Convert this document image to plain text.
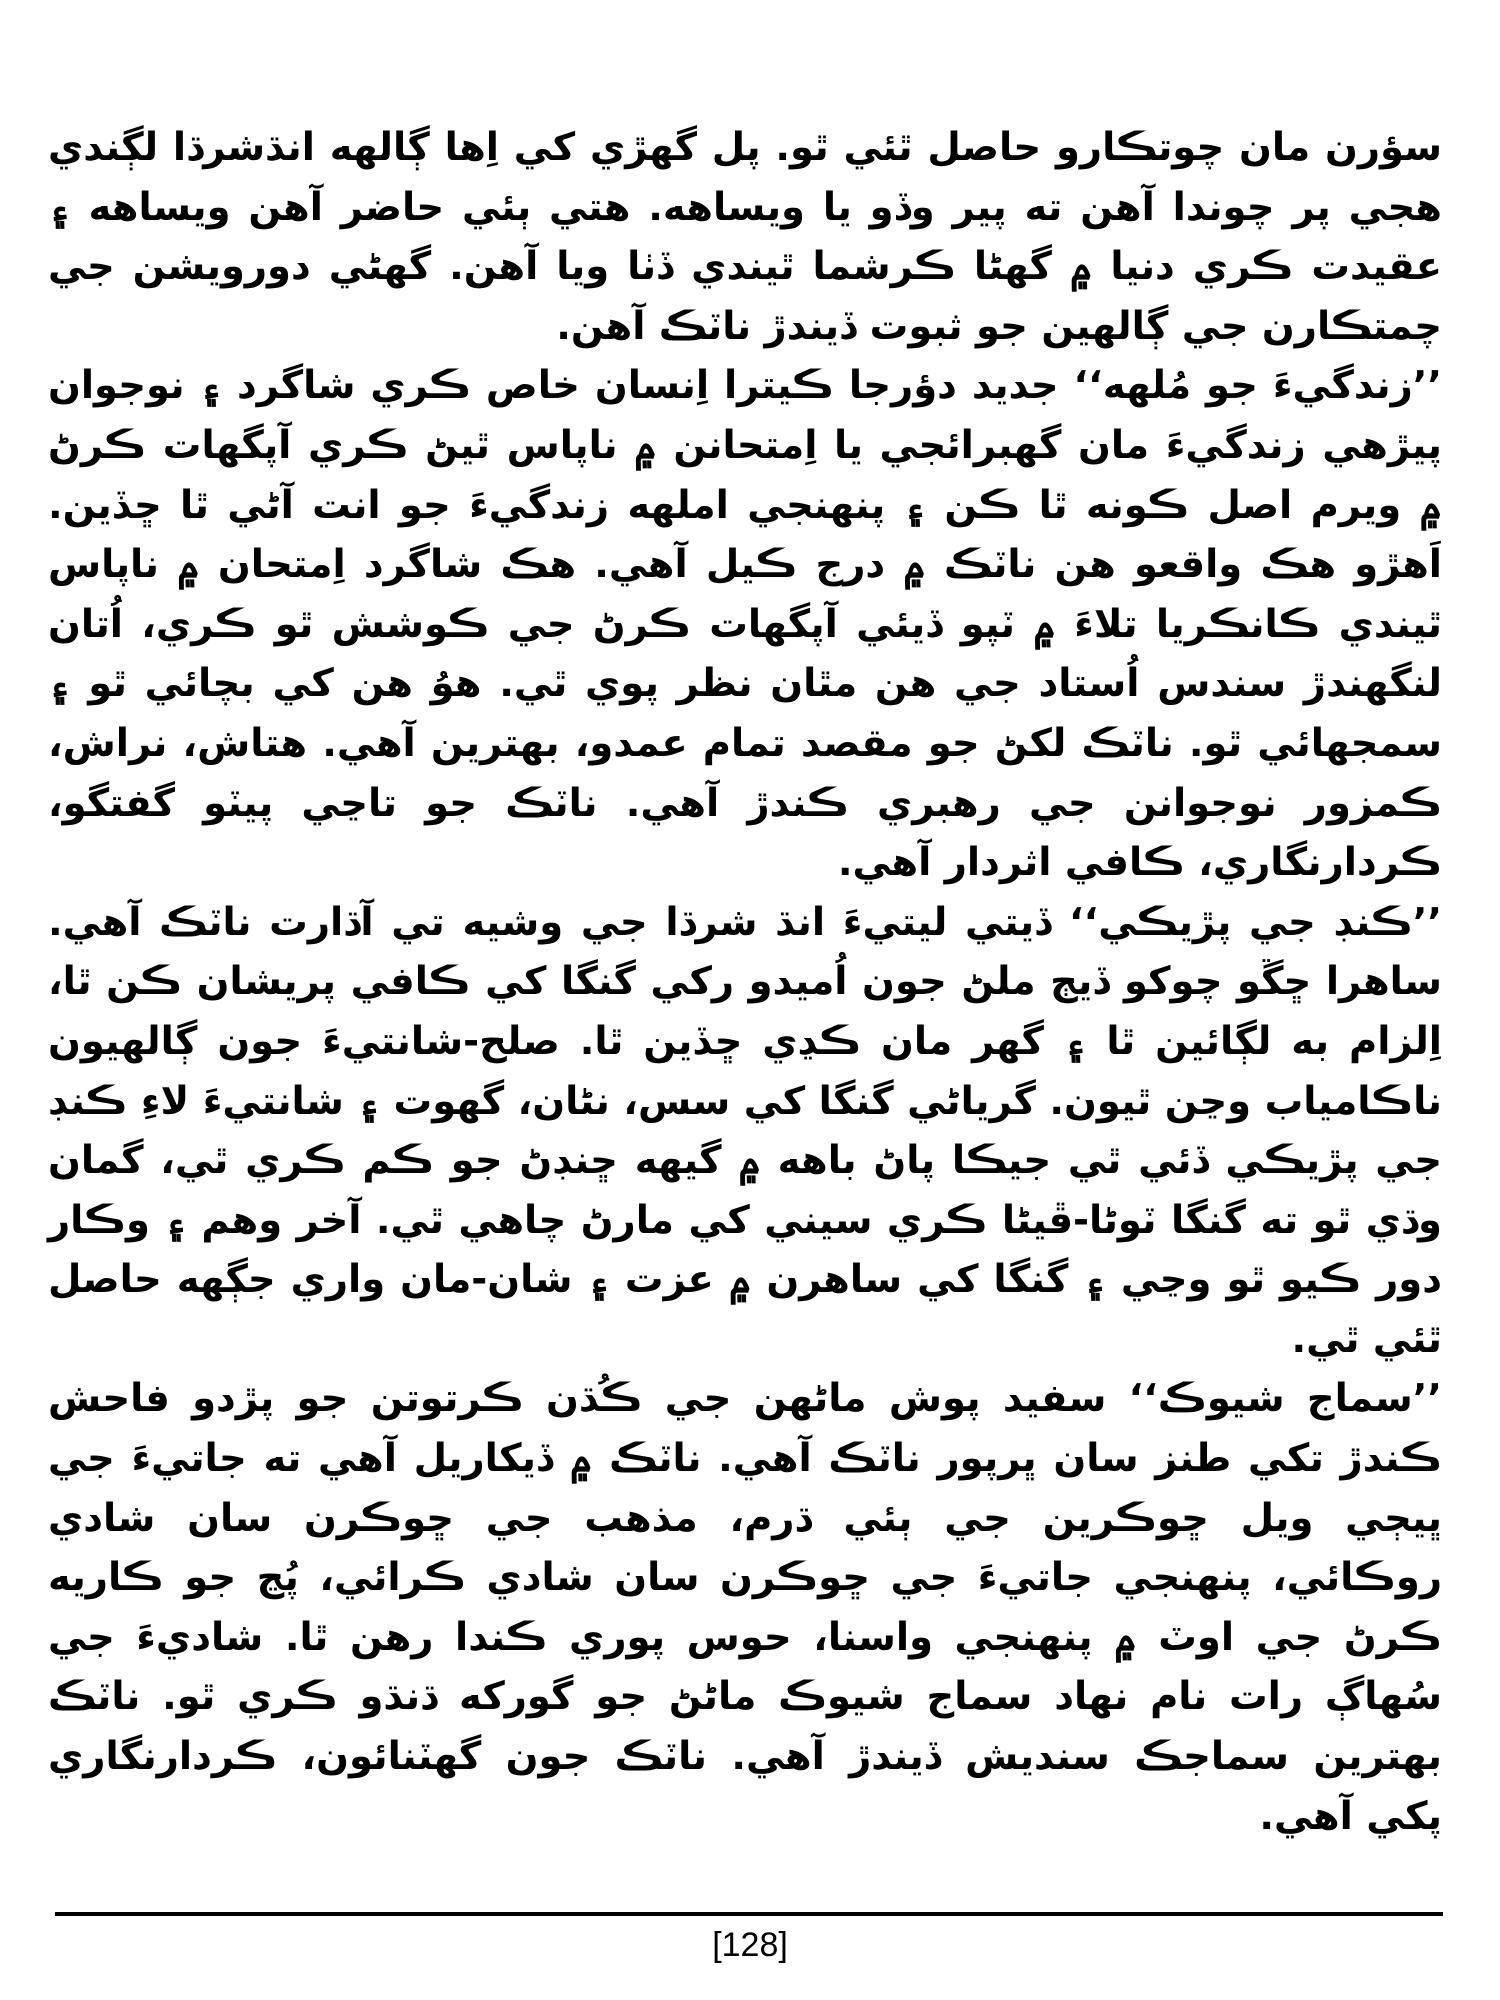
سؤرن مان چوتڪارو حاصل ٿئي ٿو. پل گهڙي کي اِها ڳالهه انڌشرڌا لڳندي هجي پر چوندا آهن ته پير وڏو يا ويساهه. هتي ٻئي حاضر آهن ويساهه ۽ عقيدت ڪري دنيا ۾ گهڻا ڪرشما ٿيندي ڏٺا ويا آهن. گهڻي دورويشن جي چمتڪارن جي ڳالهين جو ثبوت ڏيندڙ ناٽڪ آهن.

’’زندگيءَ جو مُلهه‘‘ جديد دؤرجا ڪيترا اِنسان خاص ڪري شاگرد ۽ نوجوان پيڙهي زندگيءَ مان گهبرائجي يا اِمتحانن ۾ ناپاس ٿيڻ ڪري آپگهات ڪرڻ ۾ ويرم اصل ڪونه ٿا ڪن ۽ پنهنجي املهه زندگيءَ جو انت آڻي ٿا ڇڏين. اَهڙو هڪ واقعو هن ناٽڪ ۾ درج ڪيل آهي. هڪ شاگرد اِمتحان ۾ ناپاس ٿيندي ڪانڪريا تلاءَ ۾ ٽپو ڏيئي آپگهات ڪرڻ جي ڪوشش ٿو ڪري، اُتان لنگهندڙ سندس اُستاد جي هن مٿان نظر پوي ٿي. هوُ هن کي بچائي ٿو ۽ سمجهائي ٿو. ناٽڪ لکڻ جو مقصد تمام عمدو، بهترين آهي. هتاش، نراش، ڪمزور نوجوانن جي رهبري ڪندڙ آهي. ناٽڪ جو تاڃي پيٽو گفتگو، ڪردارنگاري، ڪافي اثردار آهي.

’’ڪنڊ جي پڙيڪي‘‘ ڏيتي ليتيءَ انڌ شرڌا جي وشيه تي آڌارت ناٽڪ آهي. ساهرا ڇڱو چوکو ڏيڄ ملڻ جون اُميدو رکي گنگا کي ڪافي پريشان ڪن ٿا، اِلزام به لڳائين ٿا ۽ گهر مان ڪڍي ڇڏين ٿا. صلح-شانتيءَ جون ڳالهيون ناڪامياب وڃن ٿيون. گرياڻي گنگا کي سس، نڻان، گهوت ۽ شانتيءَ لاءِ ڪنڊ جي پڙيڪي ڏئي ٿي جيڪا پاڻ باهه ۾ گيهه ڇنڊڻ جو ڪم ڪري ٿي، گمان وڌي ٿو ته گنگا ٽوڻا-ڦيڻا ڪري سيني کي مارڻ چاهي ٿي. آخر وهم ۽ وڪار دور ڪيو ٿو وڃي ۽ گنگا کي ساهرن ۾ عزت ۽ شان-مان واري جڳهه حاصل ٿئي ٿي.

’’سماج شيوڪ‘‘ سفيد پوش ماڻهن جي ڪُڌن ڪرتوتن جو پڙدو فاحش ڪندڙ تکي طنز سان ڀرپور ناٽڪ آهي. ناٽڪ ۾ ڏيکاريل آهي ته جاتيءَ جي ڀيڄي ويل ڇوڪرين جي ٻئي ڌرم، مذهب جي ڇوڪرن سان شادي روڪائي، پنهنجي جاتيءَ جي ڇوڪرن سان شادي ڪرائي، پُڃ جو ڪاريه ڪرڻ جي اوٽ ۾ پنهنجي واسنا، حوس پوري ڪندا رهن ٿا. شاديءَ جي سُهاڳ رات نام نهاد سماج شيوڪ ماڻڻ جو گورکه ڌنڌو ڪري ٿو. ناٽڪ بهترين سماجڪ سنديش ڏيندڙ آهي. ناٽڪ جون گهٽنائون، ڪردارنگاري پکي آهي.

[128]
